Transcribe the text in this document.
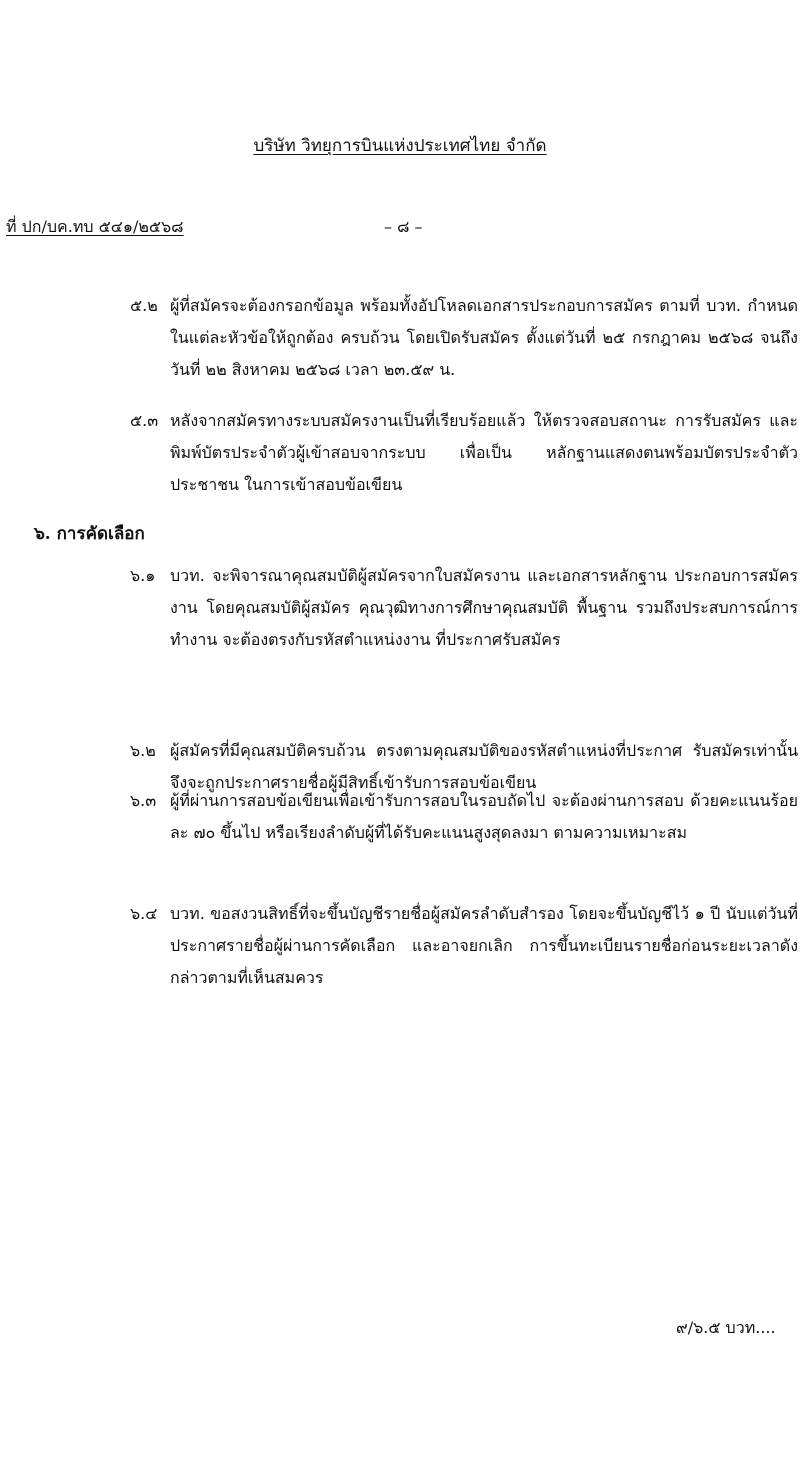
บริษัท วิทยุการบินแห่งประเทศไทย จำกัด
ที่ ปก/บค.ทบ ๕๔๑/๒๕๖๘	– ๘ –
๕.๒ ผู้ที่สมัครจะต้องกรอกข้อมูล พร้อมทั้งอัปโหลดเอกสารประกอบการสมัคร ตามที่ บวท. กำหนดในแต่ละหัวข้อให้ถูกต้อง ครบถ้วน โดยเปิดรับสมัคร ตั้งแต่วันที่ ๒๕ กรกฎาคม ๒๕๖๘ จนถึงวันที่ ๒๒ สิงหาคม ๒๕๖๘ เวลา ๒๓.๕๙ น.
๕.๓ หลังจากสมัครทางระบบสมัครงานเป็นที่เรียบร้อยแล้ว ให้ตรวจสอบสถานะ การรับสมัคร และพิมพ์บัตรประจำตัวผู้เข้าสอบจากระบบ เพื่อเป็น หลักฐานแสดงตนพร้อมบัตรประจำตัวประชาชน ในการเข้าสอบข้อเขียน
๖. การคัดเลือก
๖.๑ บวท. จะพิจารณาคุณสมบัติผู้สมัครจากใบสมัครงาน และเอกสารหลักฐาน ประกอบการสมัครงาน โดยคุณสมบัติผู้สมัคร คุณวุฒิทางการศึกษาคุณสมบัติ พื้นฐาน รวมถึงประสบการณ์การทำงาน จะต้องตรงกับรหัสตำแหน่งงาน ที่ประกาศรับสมัคร
๖.๒ ผู้สมัครที่มีคุณสมบัติครบถ้วน ตรงตามคุณสมบัติของรหัสตำแหน่งที่ประกาศ รับสมัครเท่านั้น จึงจะถูกประกาศรายชื่อผู้มีสิทธิ์เข้ารับการสอบข้อเขียน
๖.๓ ผู้ที่ผ่านการสอบข้อเขียนเพื่อเข้ารับการสอบในรอบถัดไป จะต้องผ่านการสอบ ด้วยคะแนนร้อยละ ๗๐ ขึ้นไป หรือเรียงลำดับผู้ที่ได้รับคะแนนสูงสุดลงมา ตามความเหมาะสม
๖.๔ บวท. ขอสงวนสิทธิ์ที่จะขึ้นบัญชีรายชื่อผู้สมัครลำดับสำรอง โดยจะขึ้นบัญชีไว้ ๑ ปี นับแต่วันที่ประกาศรายชื่อผู้ผ่านการคัดเลือก และอาจยกเลิก การขึ้นทะเบียนรายชื่อก่อนระยะเวลาดังกล่าวตามที่เห็นสมควร
๙/๖.๕ บวท....
